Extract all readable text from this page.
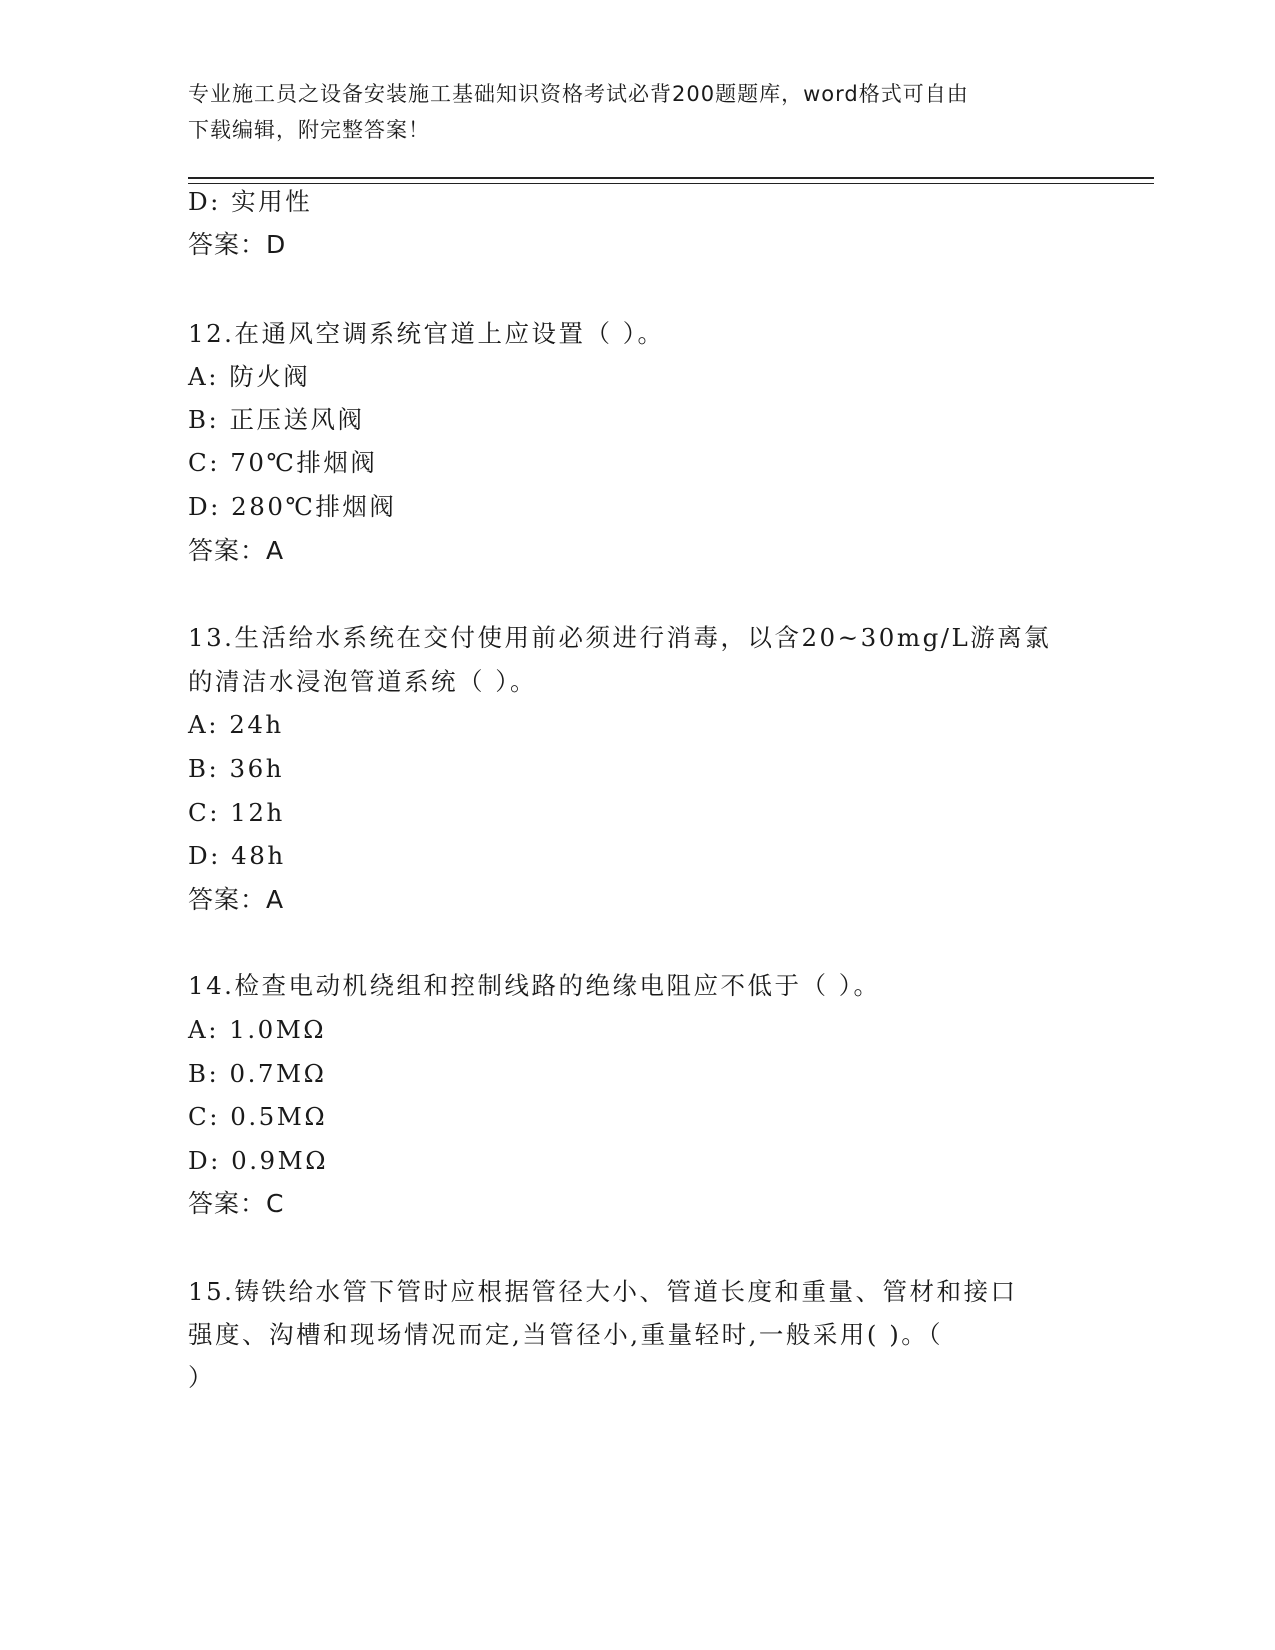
专业施工员之设备安装施工基础知识资格考试必背200题题库，word格式可自由
下载编辑，附完整答案！
D: 实用性
答案：D
12.在通风空调系统官道上应设置（ ）。
A: 防火阀
B: 正压送风阀
C: 70℃排烟阀
D: 280℃排烟阀
答案：A
13.生活给水系统在交付使用前必须进行消毒，以含20~30mg/L游离氯
的清洁水浸泡管道系统（ ）。
A: 24h
B: 36h
C: 12h
D: 48h
答案：A
14.检查电动机绕组和控制线路的绝缘电阻应不低于（ ）。
A: 1.0MΩ
B: 0.7MΩ
C: 0.5MΩ
D: 0.9MΩ
答案：C
15.铸铁给水管下管时应根据管径大小、管道长度和重量、管材和接口
强度、沟槽和现场情况而定,当管径小,重量轻时,一般采用( )。（
）
